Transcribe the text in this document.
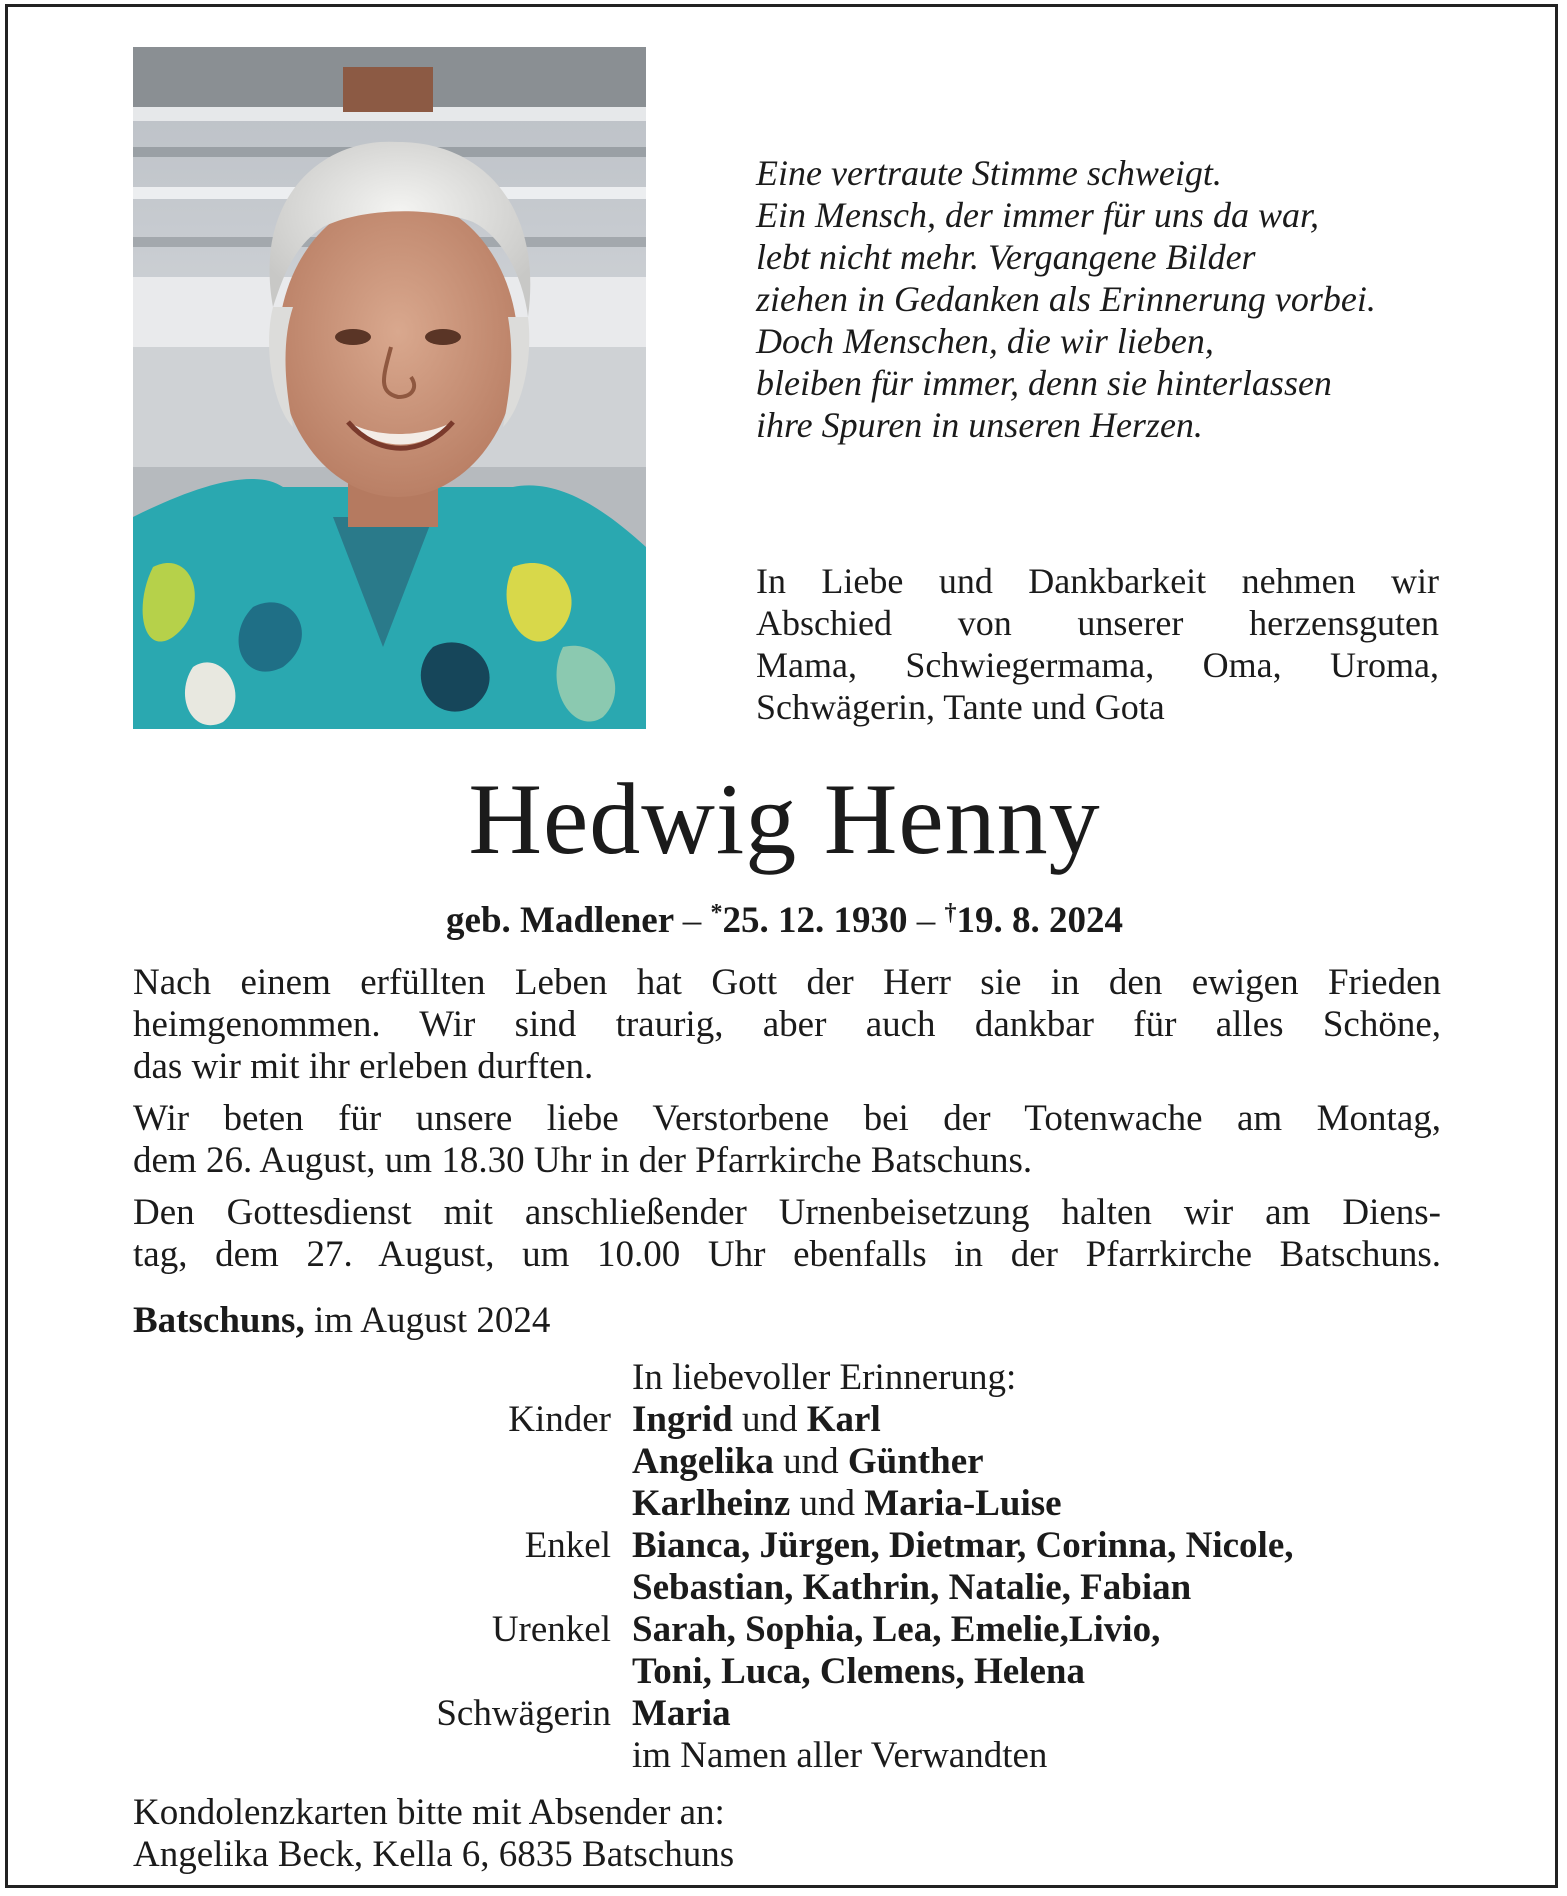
Eine vertraute Stimme schweigt.
Ein Mensch, der immer für uns da war,
lebt nicht mehr. Vergangene Bilder
ziehen in Gedanken als Erinnerung vorbei.
Doch Menschen, die wir lieben,
bleiben für immer, denn sie hinterlassen
ihre Spuren in unseren Herzen.
In Liebe und Dankbarkeit nehmen wir
Abschied von unserer herzensguten
Mama, Schwiegermama, Oma, Uroma,
Schwägerin, Tante und Gota
Hedwig Henny
geb. Madlener – *25. 12. 1930 – †19. 8. 2024
Nach einem erfüllten Leben hat Gott der Herr sie in den ewigen Frieden
heimgenommen. Wir sind traurig, aber auch dankbar für alles Schöne,
das wir mit ihr erleben durften.
Wir beten für unsere liebe Verstorbene bei der Totenwache am Montag,
dem 26. August, um 18.30 Uhr in der Pfarrkirche Batschuns.
Den Gottesdienst mit anschließender Urnenbeisetzung halten wir am Diens-
tag, dem 27. August, um 10.00 Uhr ebenfalls in der Pfarrkirche Batschuns.
Batschuns, im August 2024
In liebevoller Erinnerung:
Kinder Ingrid und Karl
Angelika und Günther
Karlheinz und Maria-Luise
Enkel Bianca, Jürgen, Dietmar, Corinna, Nicole,
Sebastian, Kathrin, Natalie, Fabian
Urenkel Sarah, Sophia, Lea, Emelie,Livio,
Toni, Luca, Clemens, Helena
Schwägerin Maria
im Namen aller Verwandten
Kondolenzkarten bitte mit Absender an:
Angelika Beck, Kella 6, 6835 Batschuns
